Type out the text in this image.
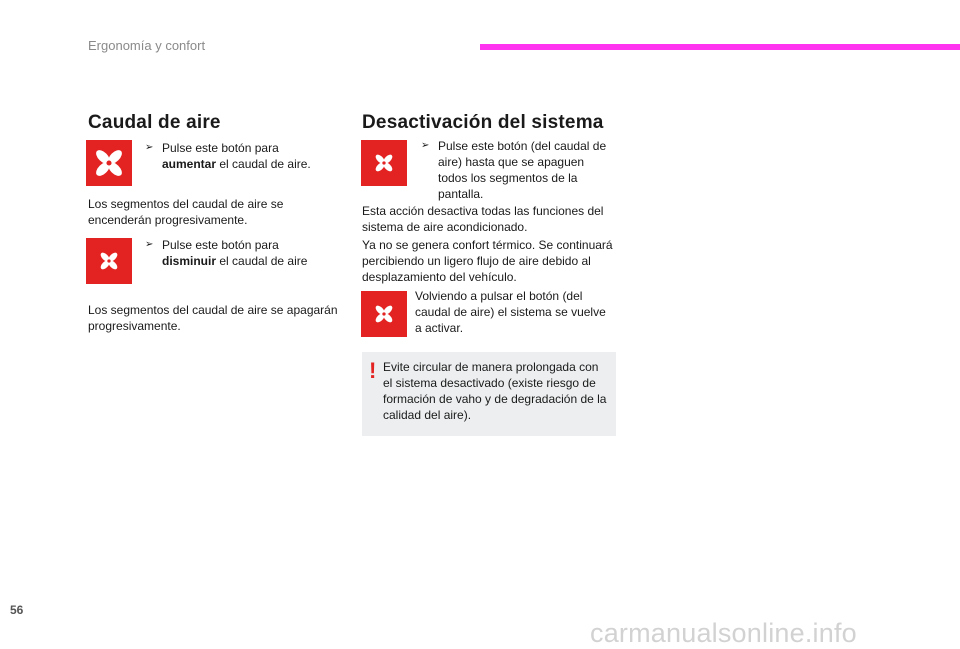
Ergonomía y confort
Caudal de aire
➢ Pulse este botón para
aumentar el caudal de aire.
Los segmentos del caudal de aire se encenderán progresivamente.
➢ Pulse este botón para
disminuir el caudal de aire
Los segmentos del caudal de aire se apagarán progresivamente.
Desactivación del sistema
➢ Pulse este botón (del caudal de aire) hasta que se apaguen todos los segmentos de la pantalla.
Esta acción desactiva todas las funciones del sistema de aire acondicionado.
Ya no se genera confort térmico. Se continuará percibiendo un ligero flujo de aire debido al desplazamiento del vehículo.
Volviendo a pulsar el botón (del caudal de aire) el sistema se vuelve a activar.
! Evite circular de manera prolongada con el sistema desactivado (existe riesgo de formación de vaho y de degradación de la calidad del aire).
56
carmanualsonline.info
